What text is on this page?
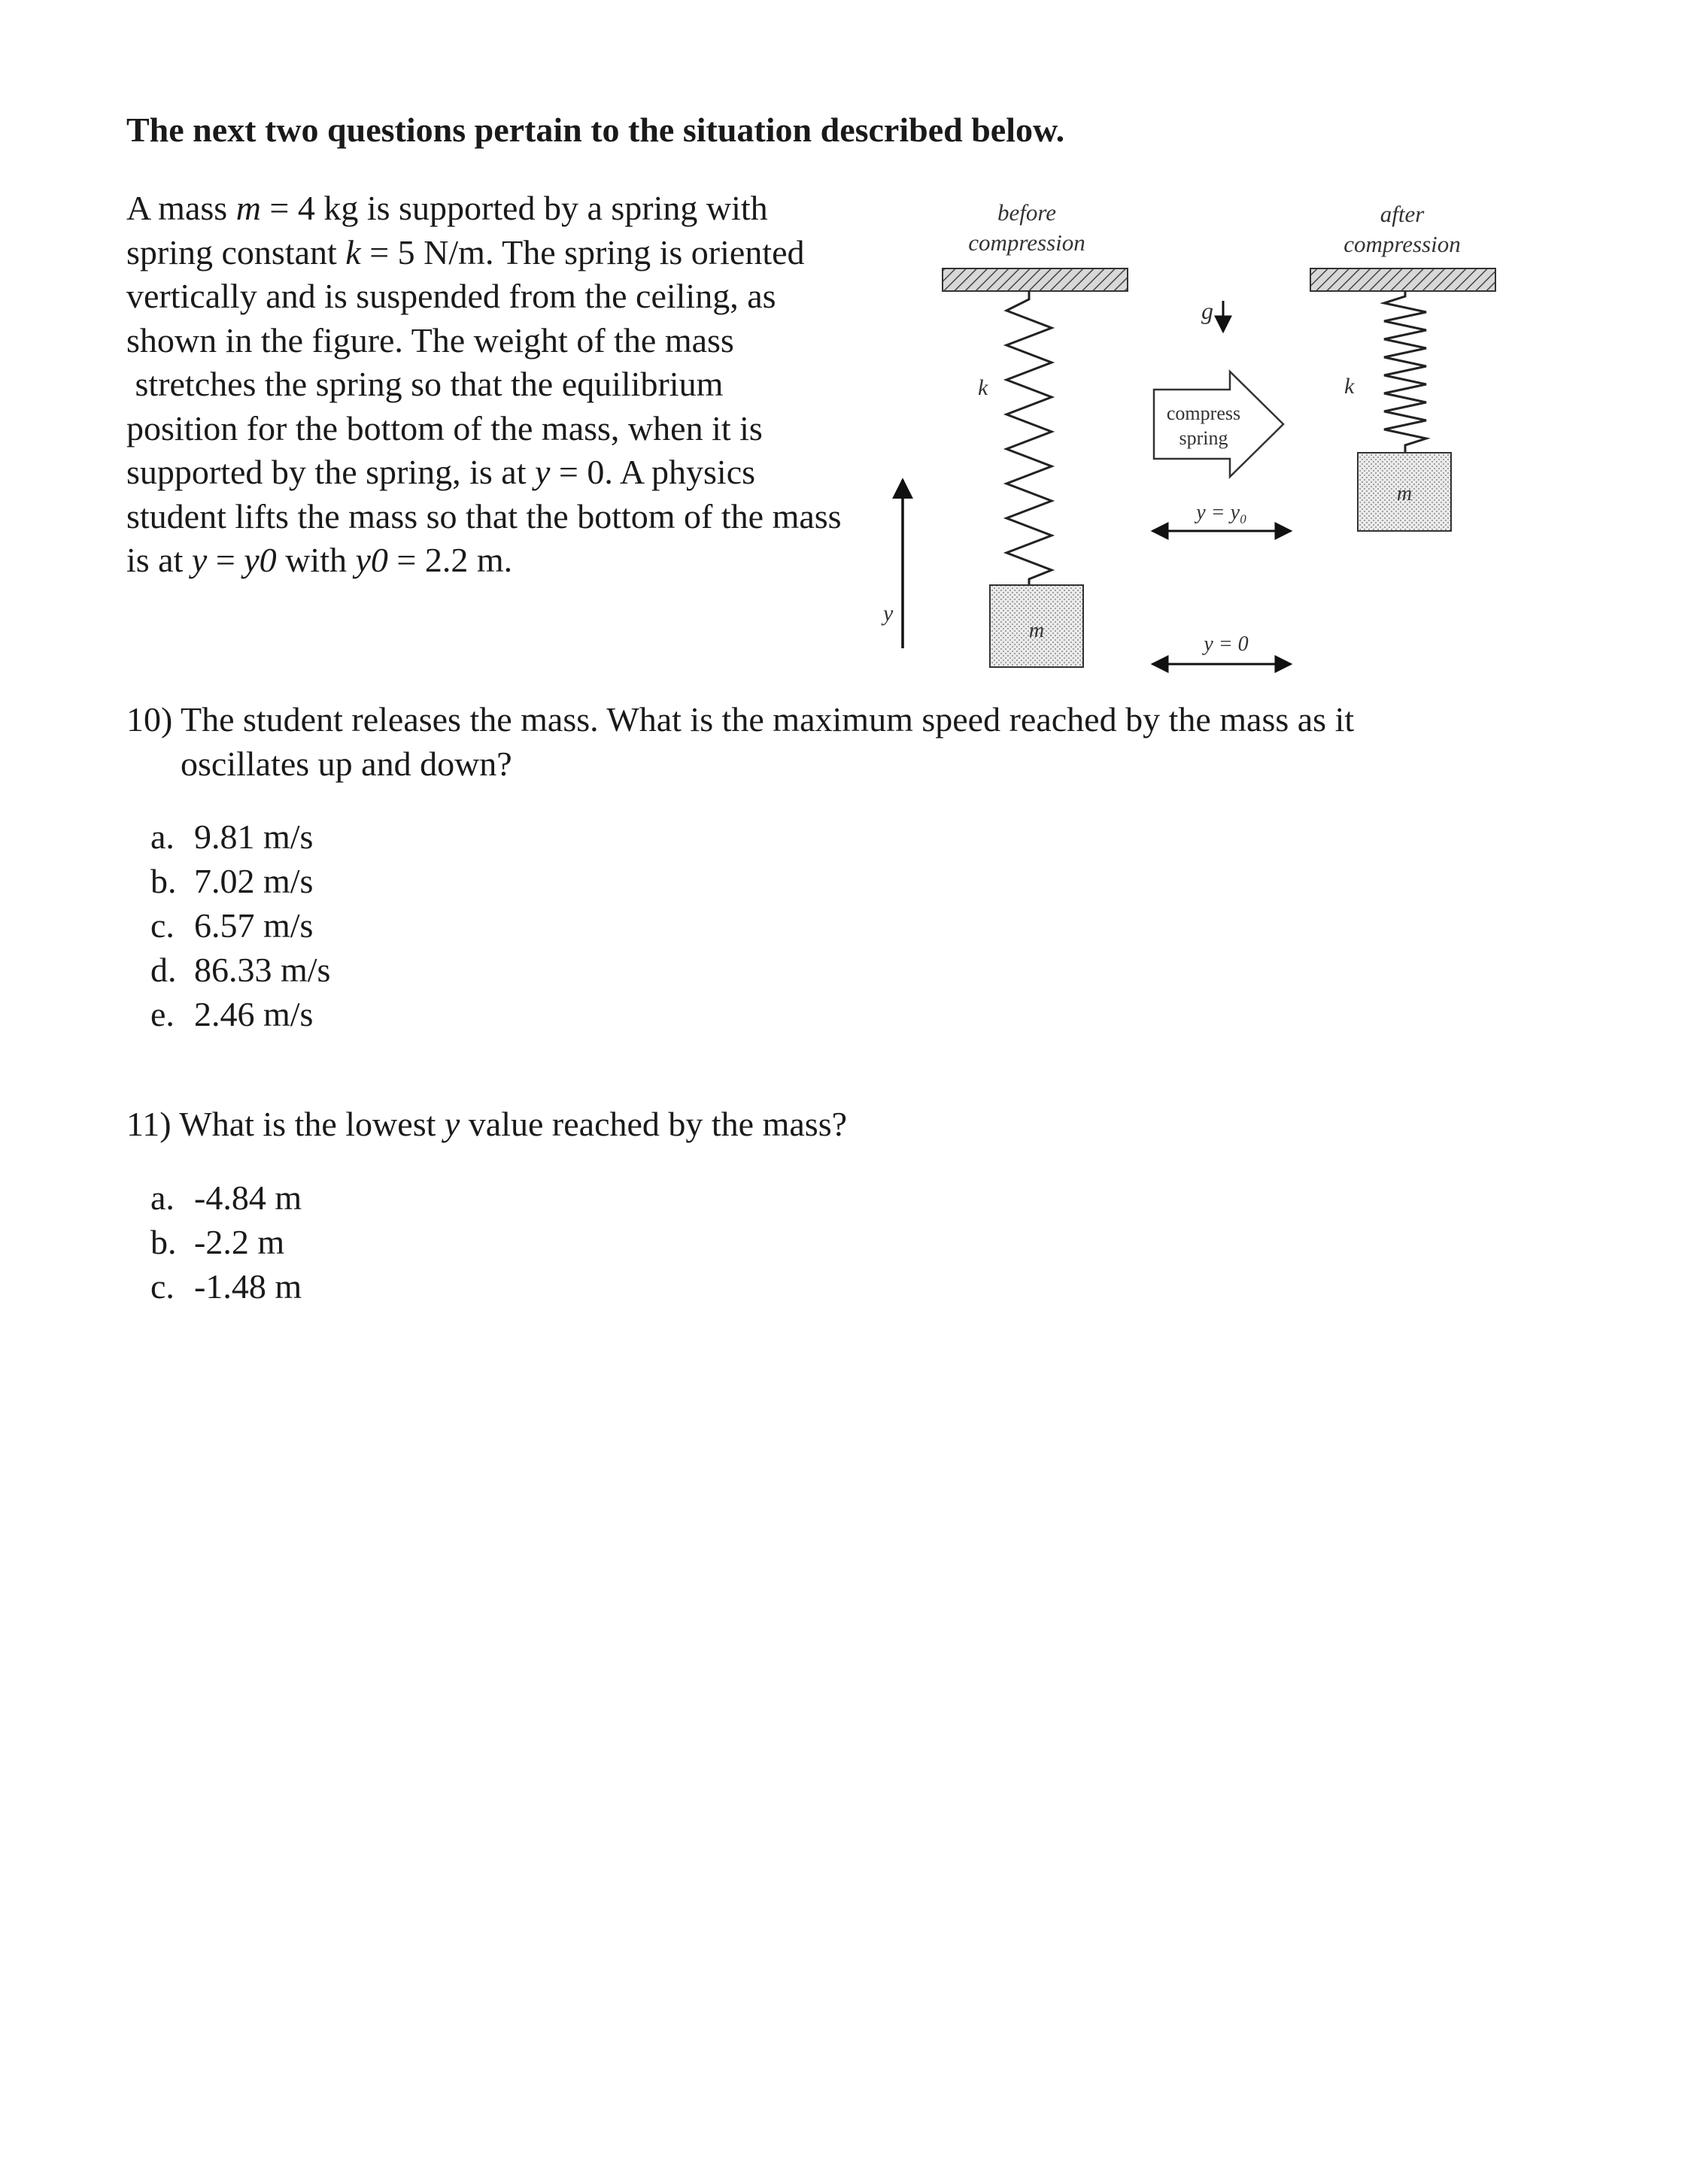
The next two questions pertain to the situation described below.
A mass m = 4 kg is supported by a spring with
spring constant k = 5 N/m. The spring is oriented
vertically and is suspended from the ceiling, as
shown in the figure. The weight of the mass
stretches the spring so that the equilibrium
position for the bottom of the mass, when it is
supported by the spring, is at y = 0. A physics
student lifts the mass so that the bottom of the mass
is at y = y0 with y0 = 2.2 m.
before
compression
k
m
y
g
compress
spring
y = y₀
y = 0
after
compression
k
m
10) The student releases the mass. What is the maximum speed reached by the mass as it
oscillates up and down?
a. 9.81 m/s
b. 7.02 m/s
c. 6.57 m/s
d. 86.33 m/s
e. 2.46 m/s
11) What is the lowest y value reached by the mass?
a. -4.84 m
b. -2.2 m
c. -1.48 m
